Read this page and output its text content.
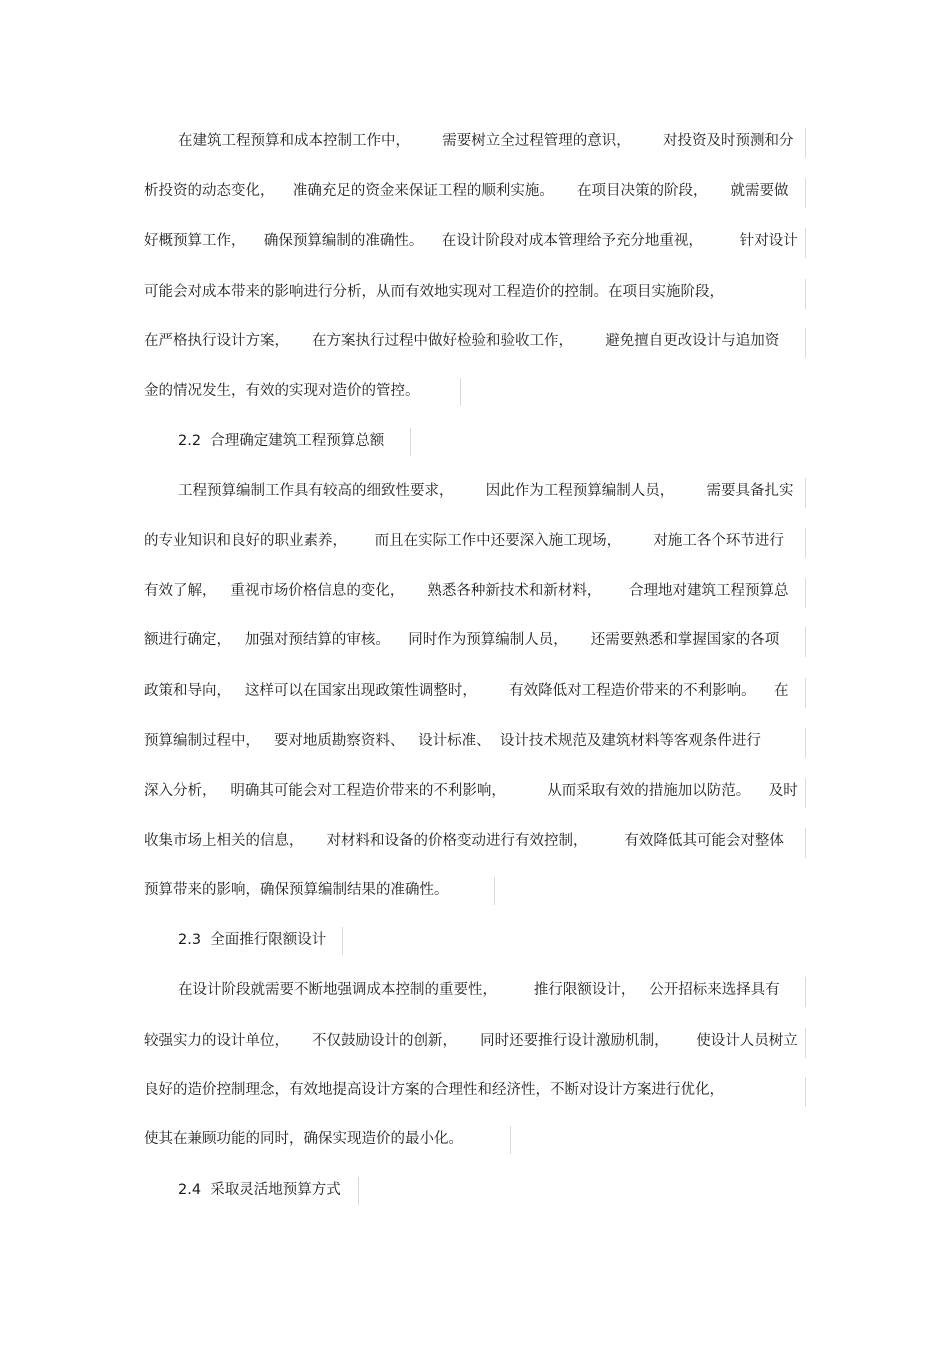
在建筑工程预算和成本控制工作中，       需要树立全过程管理的意识，       对投资及时预测和分
析投资的动态变化，    准确充足的资金来保证工程的顺利实施。     在项目决策的阶段，     就需要做
好概预算工作，    确保预算编制的准确性。    在设计阶段对成本管理给予充分地重视，        针对设计
可能会对成本带来的影响进行分析，从而有效地实现对工程造价的控制。在项目实施阶段，
在严格执行设计方案，     在方案执行过程中做好检验和验收工作，       避免擅自更改设计与追加资
金的情况发生，有效的实现对造价的管控。
2.2  合理确定建筑工程预算总额
工程预算编制工作具有较高的细致性要求，       因此作为工程预算编制人员，       需要具备扎实
的专业知识和良好的职业素养，      而且在实际工作中还要深入施工现场，       对施工各个环节进行
有效了解，   重视市场价格信息的变化，     熟悉各种新技术和新材料，      合理地对建筑工程预算总
额进行确定，   加强对预结算的审核。    同时作为预算编制人员，     还需要熟悉和掌握国家的各项
政策和导向，   这样可以在国家出现政策性调整时，       有效降低对工程造价带来的不利影响。    在
预算编制过程中，   要对地质勘察资料、   设计标准、  设计技术规范及建筑材料等客观条件进行
深入分析，   明确其可能会对工程造价带来的不利影响，         从而采取有效的措施加以防范。    及时
收集市场上相关的信息，     对材料和设备的价格变动进行有效控制，        有效降低其可能会对整体
预算带来的影响，确保预算编制结果的准确性。
2.3  全面推行限额设计
在设计阶段就需要不断地强调成本控制的重要性，        推行限额设计，   公开招标来选择具有
较强实力的设计单位，     不仅鼓励设计的创新，     同时还要推行设计激励机制，      使设计人员树立
良好的造价控制理念，有效地提高设计方案的合理性和经济性，不断对设计方案进行优化，
使其在兼顾功能的同时，确保实现造价的最小化。
2.4  采取灵活地预算方式
